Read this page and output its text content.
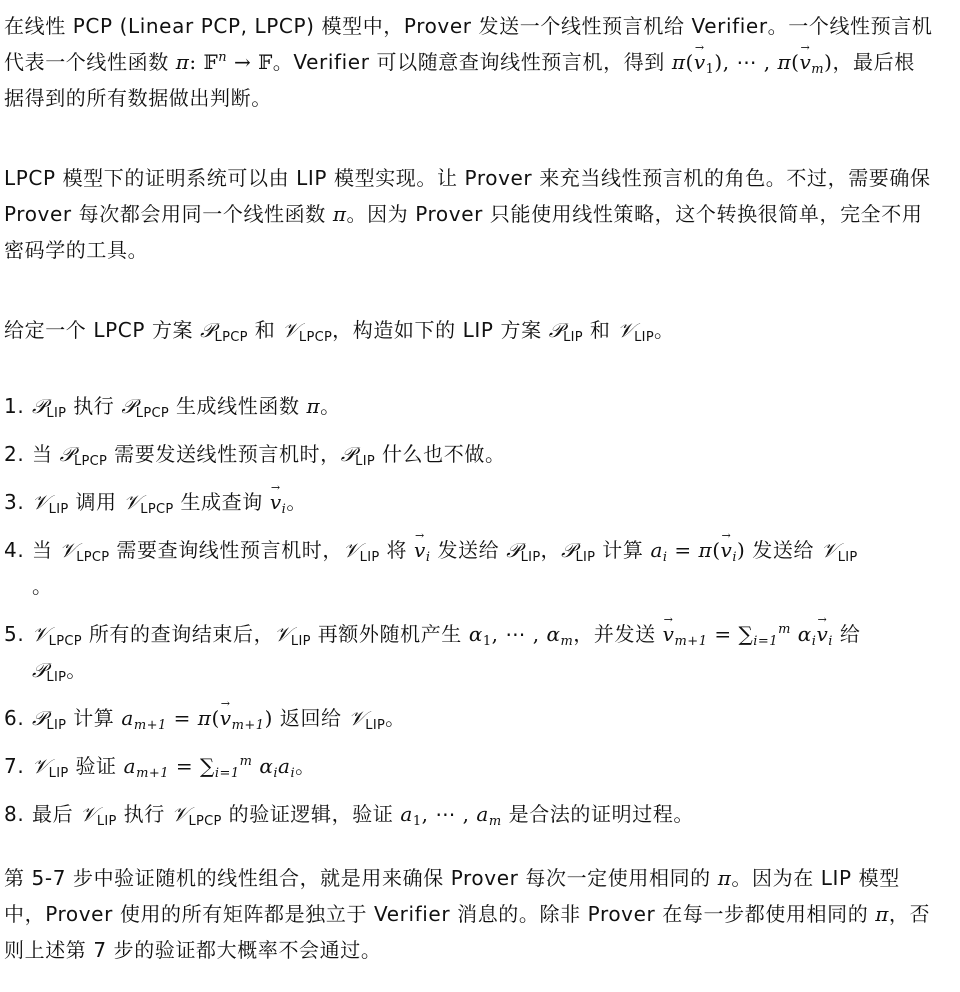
在线性 PCP (Linear PCP, LPCP) 模型中，Prover 发送一个线性预言机给 Verifier。一个线性预言机代表一个线性函数 π: 𝔽$^n$ → 𝔽。Verifier 可以随意查询线性预言机，得到 $\pi(\to v_1)$, ⋯ , $\pi(\to v_m)$，最后根据得到的所有数据做出判断。

LPCP 模型下的证明系统可以由 LIP 模型实现。让 Prover 来充当线性预言机的角色。不过，需要确保 Prover 每次都会用同一个线性函数 π。因为 Prover 只能使用线性策略，这个转换很简单，完全不用密码学的工具。

给定一个 LPCP 方案 𝒫$_{LPCP}$ 和 𝒱$_{LPCP}$，构造如下的 LIP 方案 𝒫$_{LIP}$ 和 𝒱$_{LIP}$。

1. 𝒫$_{LIP}$ 执行 𝒫$_{LPCP}$ 生成线性函数 π。
2. 当 𝒫$_{LPCP}$ 需要发送线性预言机时，𝒫$_{LIP}$ 什么也不做。
3. 𝒱$_{LIP}$ 调用 𝒱$_{LPCP}$ 生成查询 → $v_i$。
4. 当 𝒱$_{LPCP}$ 需要查询线性预言机时，𝒱$_{LIP}$ 将 → $v_i$ 发送给 𝒫$_{LIP}$，𝒫$_{LIP}$ 计算 $a_i = \pi(\to v_i)$ 发送给 𝒱$_{LIP}$
。
5. 𝒱$_{LPCP}$ 所有的查询结束后，𝒱$_{LIP}$ 再额外随机产生 $\alpha_1$, ⋯ , $\alpha_m$，并发送 → $v_{m+1} = \sum_{i=1}^m$ $\alpha_i\to v_i$ 给
𝒫$_{LIP}$。
6. 𝒫$_{LIP}$ 计算 $a_{m+1} = \pi(\to v_{m+1})$ 返回给 𝒱$_{LIP}$。
7. 𝒱$_{LIP}$ 验证 $a_{m+1} = \sum_{i=1}^m$ $\alpha_ia_i$。
8. 最后 𝒱$_{LIP}$ 执行 𝒱$_{LPCP}$ 的验证逻辑，验证 $a_1$, ⋯ , $a_m$ 是合法的证明过程。

第 5-7 步中验证随机的线性组合，就是用来确保 Prover 每次一定使用相同的 π。因为在 LIP 模型中，Prover 使用的所有矩阵都是独立于 Verifier 消息的。除非 Prover 在每一步都使用相同的 π，否则上述第 7 步的验证都大概率不会通过。
